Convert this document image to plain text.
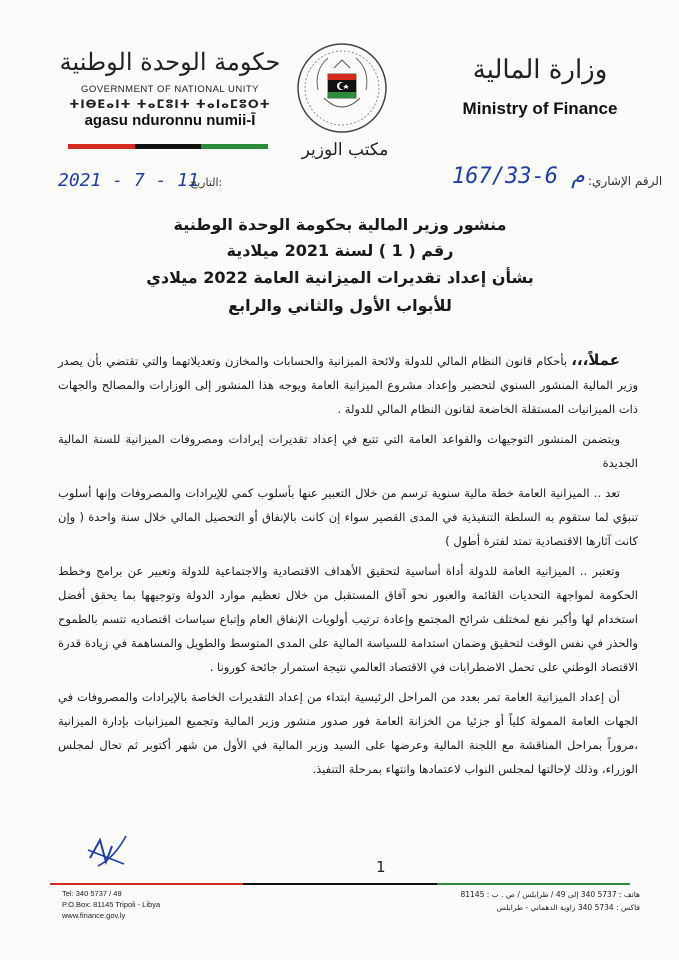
حكومة الوحدة الوطنية
GOVERNMENT OF NATIONAL UNITY
ⵜⵏⴱⴹⴰⵏⵜ ⵜⴰⵎⵓⵏⵜ ⵜⴰⵏⴰⵎⵓⵔⵜ
agasu nduronnu numii-Ī
مكتب الوزير
وزارة المالية
Ministry of Finance
2021 - 7 - 11
:التاريخ	167/33-6 م الرقم الإشاري:
منشور وزير المالية بحكومة الوحدة الوطنية
رقم ( 1 ) لسنة 2021 ميلادية
بشأن إعداد تقديرات الميزانية العامة 2022 ميلادي
للأبواب الأول والثاني والرابع

عملاً،،، بأحكام قانون النظام المالي للدولة ولائحة الميزانية والحسابات والمخازن وتعديلاتهما والتي تقتضي بأن يصدر وزير المالية المنشور السنوي لتحضير وإعداد مشروع الميزانية العامة ويوجه هذا المنشور إلى الوزارات والمصالح والجهات ذات الميزانيات المستقلة الخاضعة لقانون النظام المالي للدولة .

ويتضمن المنشور التوجيهات والقواعد العامة التي تتبع في إعداد تقديرات إيرادات ومصروفات الميزانية للسنة المالية الجديدة

تعد .. الميزانية العامة خطة مالية سنوية ترسم من خلال التعبير عنها بأسلوب كمي للإيرادات والمصروفات وإنها أسلوب تنبؤي لما ستقوم به السلطة التنفيذية في المدى القصير سواء إن كانت بالإنفاق أو التحصيل المالي خلال سنة واحدة ( وإن كانت آثارها الاقتصادية تمتد لفترة أطول )

وتعتبر .. الميزانية العامة للدولة أداة أساسية لتحقيق الأهداف الاقتصادية والاجتماعية للدولة وتعبير عن برامج وخطط الحكومة لمواجهة التحديات القائمة والعبور نحو آفاق المستقبل من خلال تعظيم موارد الدولة وتوجيهها بما يحقق أفضل استخدام لها وأكبر نفع لمختلف شرائح المجتمع وإعادة ترتيب أولويات الإنفاق العام وإتباع سياسات اقتصاديه تتسم بالطموح والحذر في نفس الوقت لتحقيق وضمان استدامة للسياسة المالية على المدى المتوسط والطويل والمساهمة في زيادة قدرة الاقتصاد الوطني على تحمل الاضطرابات في الاقتصاد العالمي نتيجة استمرار جائحة كورونا .

أن إعداد الميزانية العامة تمر بعدد من المراحل الرئيسية ابتداء من إعداد التقديرات الخاصة بالإيرادات والمصروفات في الجهات العامة الممولة كلياً أو جزئيا من الخزانة العامة فور صدور منشور وزير المالية وتجميع الميزانيات بإدارة الميزانية ،مروراً بمراحل المناقشة مع اللجنة المالية وعرضها على السيد وزير المالية في الأول من شهر أكتوبر ثم تحال لمجلس الوزراء، وذلك لإحالتها لمجلس النواب لاعتمادها وانتهاء بمرحلة التنفيذ.

1
Tel: 340 5737 / 49
P.O.Box: 81145 Tripoli - Libya
www.finance.gov.ly
هاتف : 5737 340 إلى 49 / طرابلس / ص . ب : 81145
فاكس : 5734 340 زاوية الدهماني - طرابلس
